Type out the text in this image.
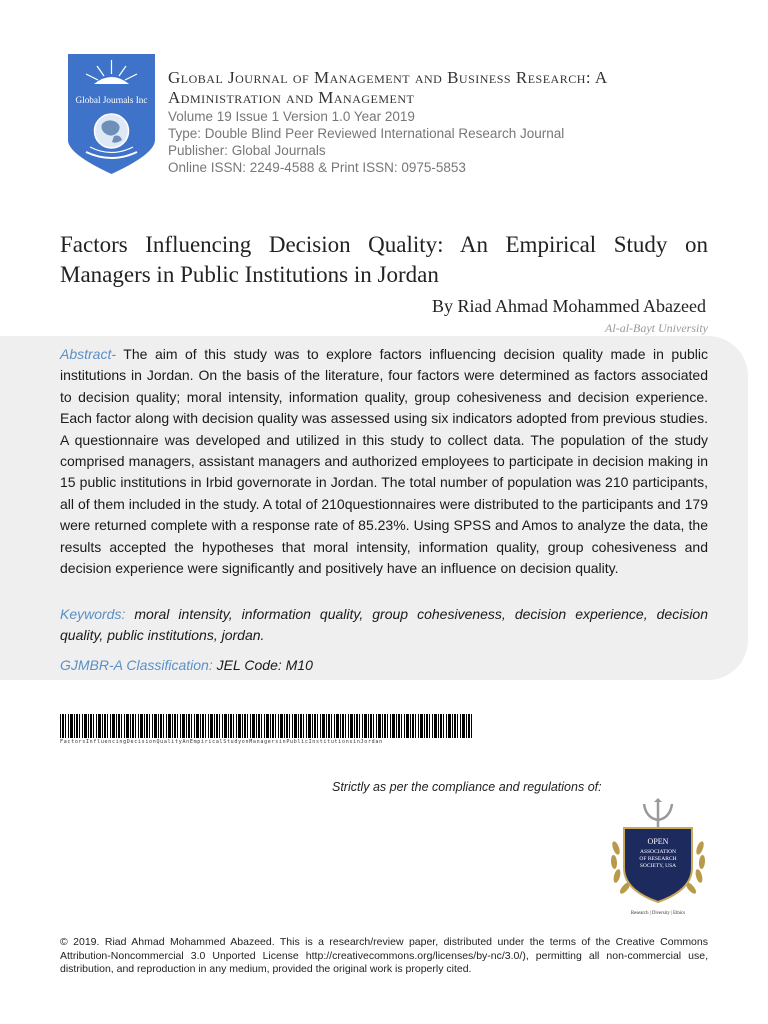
Global Journals Inc
Global Journal of Management and Business Research: A
Administration and Management
Volume 19 Issue 1 Version 1.0 Year 2019
Type: Double Blind Peer Reviewed International Research Journal
Publisher: Global Journals
Online ISSN: 2249-4588 & Print ISSN: 0975-5853
Factors Influencing Decision Quality: An Empirical Study on Managers in Public Institutions in Jordan
By Riad Ahmad Mohammed Abazeed
Al-al-Bayt University
Abstract- The aim of this study was to explore factors influencing decision quality made in public institutions in Jordan. On the basis of the literature, four factors were determined as factors associated to decision quality; moral intensity, information quality, group cohesiveness and decision experience. Each factor along with decision quality was assessed using six indicators adopted from previous studies. A questionnaire was developed and utilized in this study to collect data. The population of the study comprised managers, assistant managers and authorized employees to participate in decision making in 15 public institutions in Irbid governorate in Jordan. The total number of population was 210 participants, all of them included in the study. A total of 210questionnaires were distributed to the participants and 179 were returned complete with a response rate of 85.23%. Using SPSS and Amos to analyze the data, the results accepted the hypotheses that moral intensity, information quality, group cohesiveness and decision experience were significantly and positively have an influence on decision quality.
Keywords: moral intensity, information quality, group cohesiveness, decision experience, decision quality, public institutions, jordan.
GJMBR-A Classification: JEL Code: M10
FactorsInfluencingDecisionQualityAnEmpiricalStudyonManagersinPublicInstitutionsinJordan
Strictly as per the compliance and regulations of:
OPEN
ASSOCIATION
OF RESEARCH
SOCIETY, USA
Research | Diversity | Ethics
© 2019. Riad Ahmad Mohammed Abazeed. This is a research/review paper, distributed under the terms of the Creative Commons Attribution-Noncommercial 3.0 Unported License http://creativecommons.org/licenses/by-nc/3.0/), permitting all non-commercial use, distribution, and reproduction in any medium, provided the original work is properly cited.
